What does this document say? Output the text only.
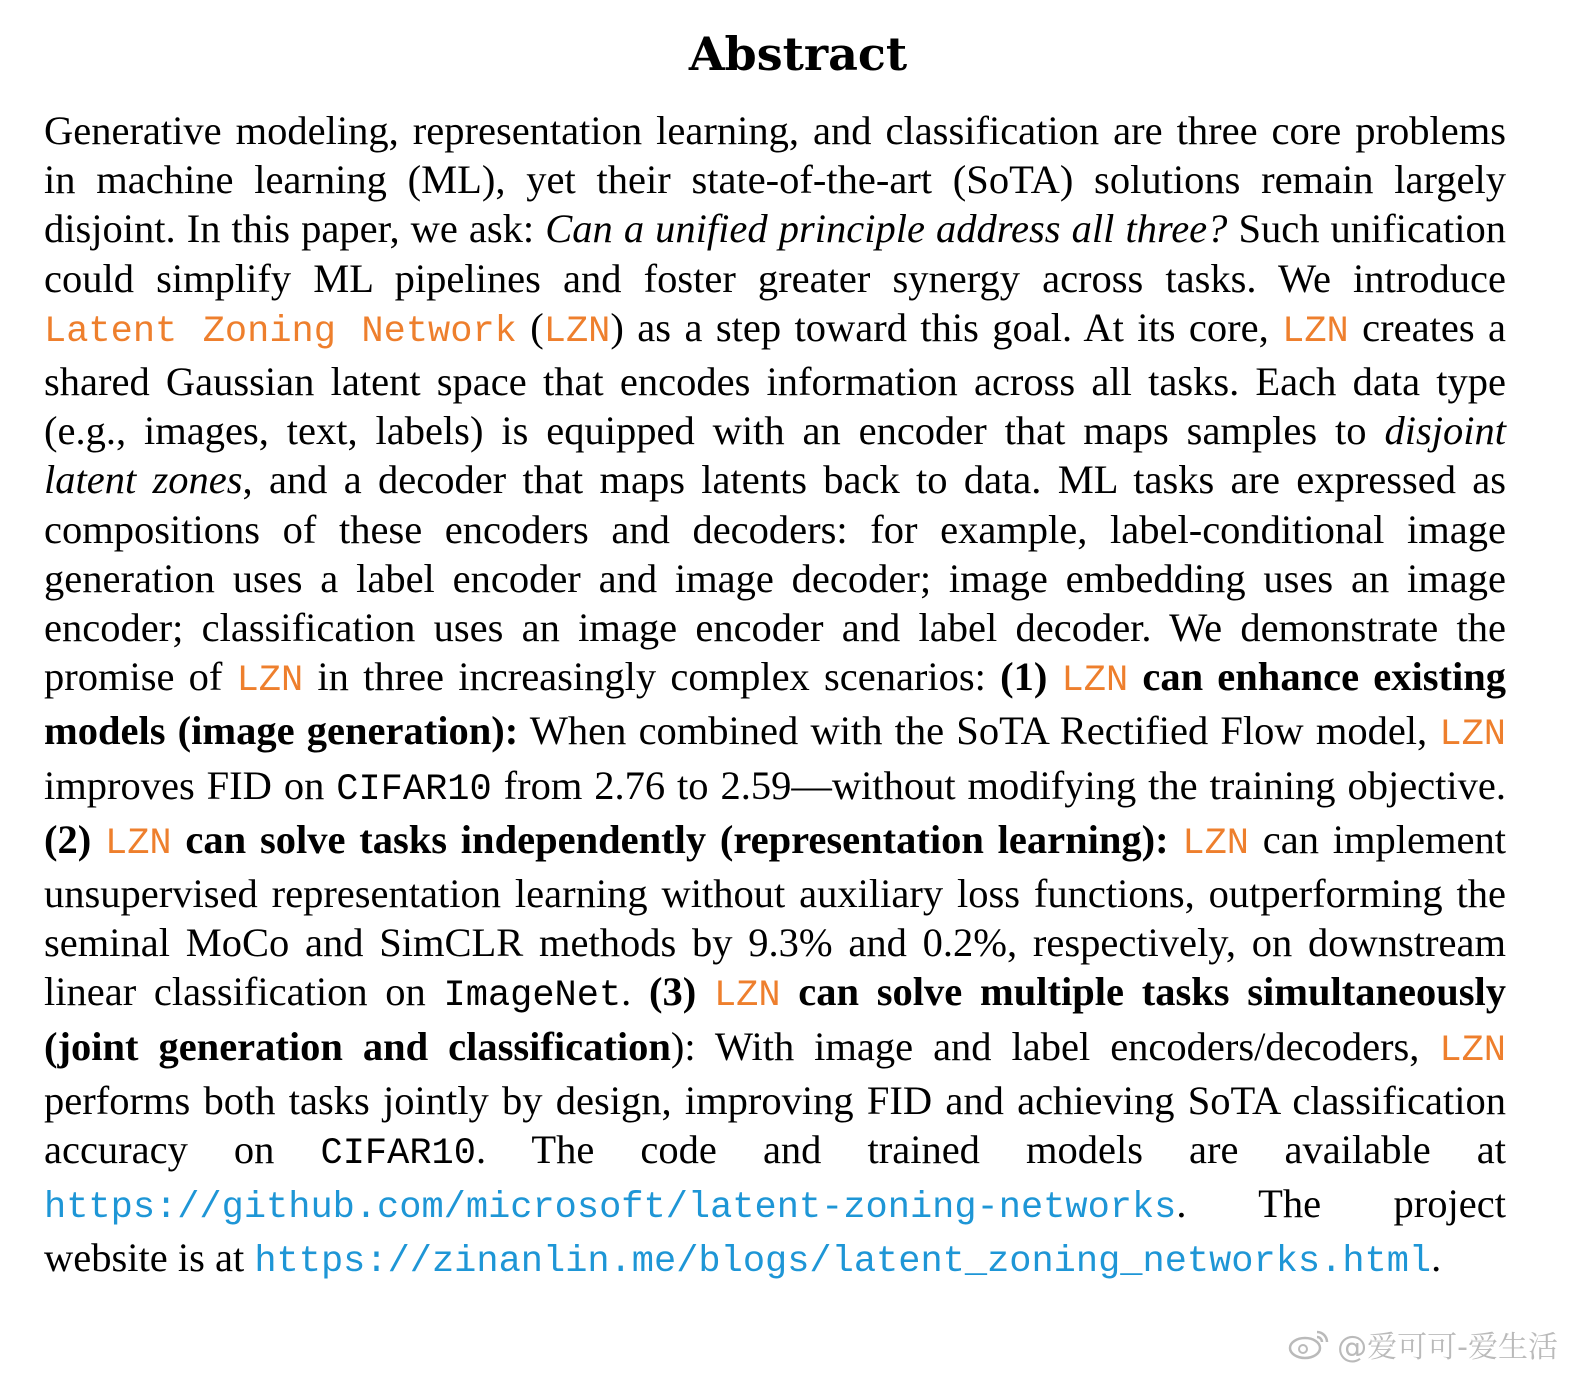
Abstract

Generative modeling, representation learning, and classification are three core problems in machine learning (ML), yet their state-of-the-art (SoTA) solutions remain largely disjoint. In this paper, we ask: Can a unified principle address all three? Such unification could simplify ML pipelines and foster greater synergy across tasks. We introduce Latent Zoning Network (LZN) as a step toward this goal. At its core, LZN creates a shared Gaussian latent space that encodes information across all tasks. Each data type (e.g., images, text, labels) is equipped with an encoder that maps samples to disjoint latent zones, and a decoder that maps latents back to data. ML tasks are expressed as compositions of these encoders and decoders: for example, label-conditional image generation uses a label encoder and image decoder; image embedding uses an image encoder; classification uses an image encoder and label decoder. We demonstrate the promise of LZN in three increasingly complex scenarios: (1) LZN can enhance existing models (image generation): When combined with the SoTA Rectified Flow model, LZN improves FID on CIFAR10 from 2.76 to 2.59—without modifying the training objective. (2) LZN can solve tasks independently (representation learning): LZN can implement unsupervised representation learning without auxiliary loss functions, outperforming the seminal MoCo and SimCLR methods by 9.3% and 0.2%, respectively, on downstream linear classification on ImageNet. (3) LZN can solve multiple tasks simultaneously (joint generation and classification): With image and label encoders/decoders, LZN performs both tasks jointly by design, improving FID and achieving SoTA classification accuracy on CIFAR10. The code and trained models are available at https://github.com/microsoft/latent-zoning-networks. The project website is at https://zinanlin.me/blogs/latent_zoning_networks.html.

@爱可可-爱生活
